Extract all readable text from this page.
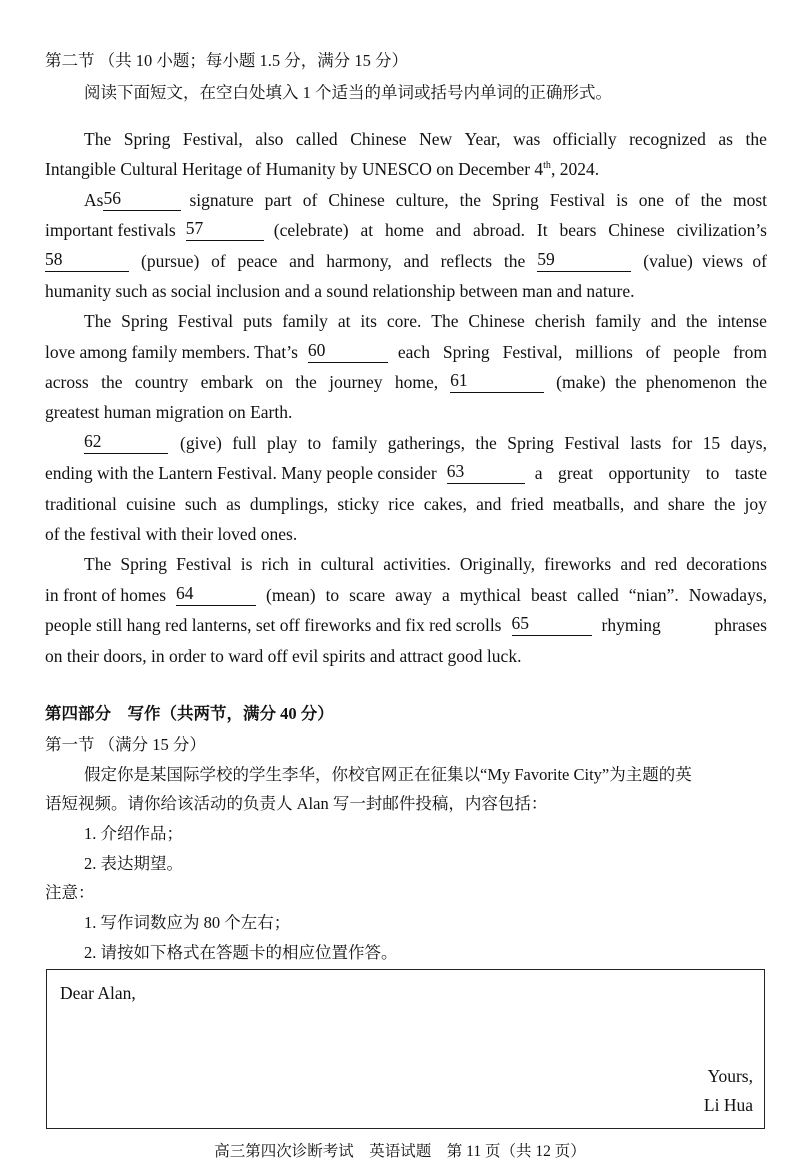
第二节 （共 10 小题；每小题 1.5 分，满分 15 分）
阅读下面短文，在空白处填入 1 个适当的单词或括号内单词的正确形式。
The Spring Festival, also called Chinese New Year, was officially recognized as the
Intangible Cultural Heritage of Humanity by UNESCO on December 4th, 2024.
As 56	signature part of Chinese culture, the Spring Festival is one of the most
important festivals 57	(celebrate) at home and abroad. It bears Chinese civilization’s
58	(pursue) of peace and harmony, and reflects the 59	(value) views of
humanity such as social inclusion and a sound relationship between man and nature.
The Spring Festival puts family at its core. The Chinese cherish family and the intense
love among family members. That’s 60	each Spring Festival, millions of people from
across the country embark on the journey home, 61	(make) the phenomenon the
greatest human migration on Earth.
62	(give) full play to family gatherings, the Spring Festival lasts for 15 days,
ending with the Lantern Festival. Many people consider 63	a great opportunity to taste
traditional cuisine such as dumplings, sticky rice cakes, and fried meatballs, and share the joy
of the festival with their loved ones.
The Spring Festival is rich in cultural activities. Originally, fireworks and red decorations
in front of homes 64	(mean) to scare away a mythical beast called “nian”. Nowadays,
people still hang red lanterns, set off fireworks and fix red scrolls 65	rhyming phrases
on their doors, in order to ward off evil spirits and attract good luck.
第四部分　写作（共两节，满分 40 分）
第一节 （满分 15 分）
假定你是某国际学校的学生李华，你校官网正在征集以“My Favorite City”为主题的英
语短视频。请你给该活动的负责人 Alan 写一封邮件投稿，内容包括：
1. 介绍作品；
2. 表达期望。
注意：
1. 写作词数应为 80 个左右；
2. 请按如下格式在答题卡的相应位置作答。
Dear Alan,
Yours,
Li Hua
高三第四次诊断考试　英语试题　第 11 页（共 12 页）
